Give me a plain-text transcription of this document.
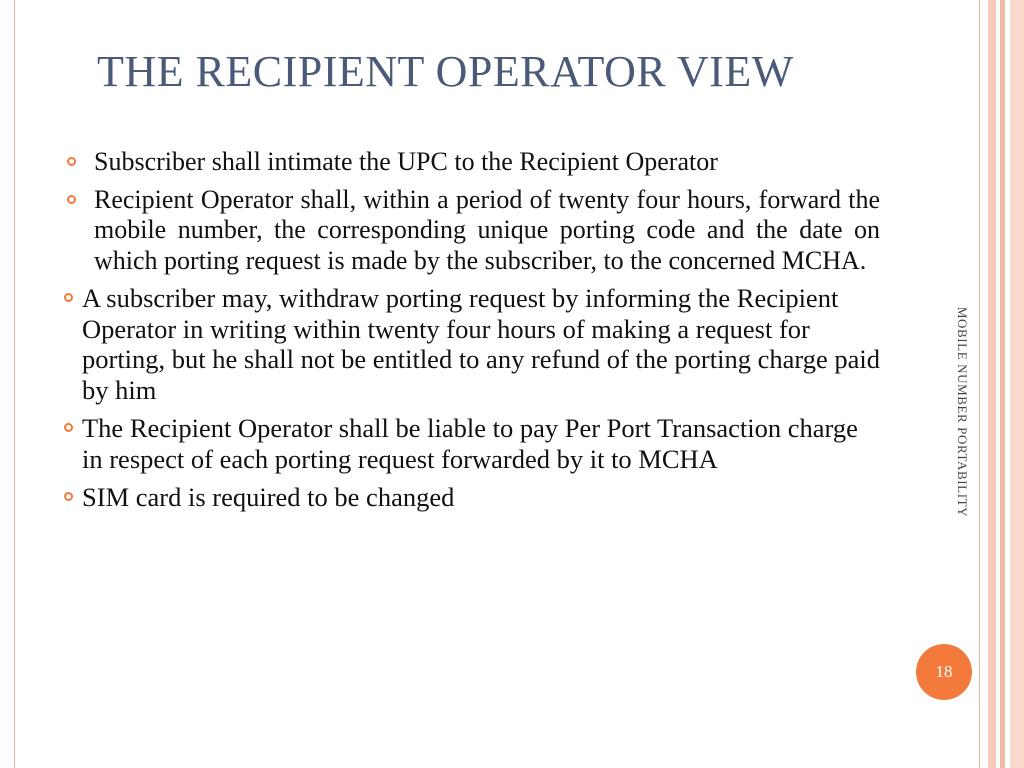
THE RECIPIENT OPERATOR VIEW
Subscriber shall intimate the UPC to the Recipient Operator
Recipient Operator shall, within a period of twenty four hours, forward the mobile number, the corresponding unique porting code and the date on which porting request is made by the subscriber, to the concerned MCHA.
A subscriber may, withdraw porting request by informing the Recipient Operator in writing within twenty four hours of making a request for porting, but he shall not be entitled to any refund of the porting charge paid by him
The Recipient Operator shall be liable to pay Per Port Transaction charge in respect of each porting request forwarded by it to MCHA
SIM card is required to be changed	MOBILE NUMBER PORTABILITY
18
